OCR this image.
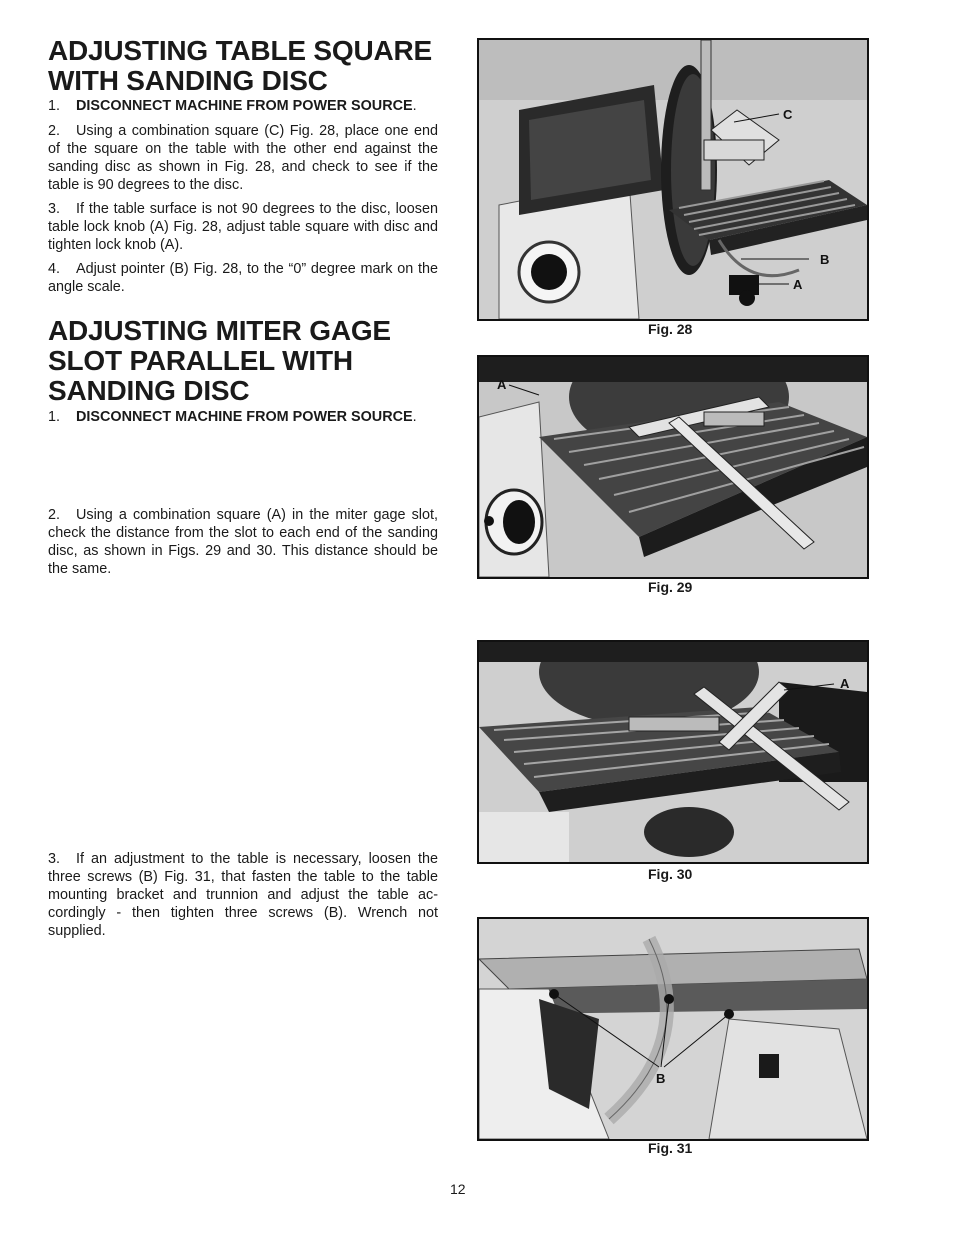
ADJUSTING TABLE SQUARE
WITH SANDING DISC

1. DISCONNECT MACHINE FROM POWER SOURCE.

2. Using a combination square (C) Fig. 28, place one end of the square on the table with the other end against the sanding disc as shown in Fig. 28, and check to see if the table is 90 degrees to the disc.

3. If the table surface is not 90 degrees to the disc, loosen table lock knob (A) Fig. 28, adjust table square with disc and tighten lock knob (A).

4. Adjust pointer (B) Fig. 28, to the “0” degree mark on the angle scale.

ADJUSTING MITER GAGE
SLOT PARALLEL WITH
SANDING DISC

1. DISCONNECT MACHINE FROM POWER SOURCE.

2. Using a combination square (A) in the miter gage slot, check the distance from the slot to each end of the sanding disc, as shown in Figs. 29 and 30. This distance should be the same.

3. If an adjustment to the table is necessary, loosen the three screws (B) Fig. 31, that fasten the table to the table mounting bracket and trunnion and adjust the table ac-cordingly - then tighten three screws (B). Wrench not supplied.

C
B
A
Fig. 28
A
Fig. 29
A
Fig. 30
B
Fig. 31
12
